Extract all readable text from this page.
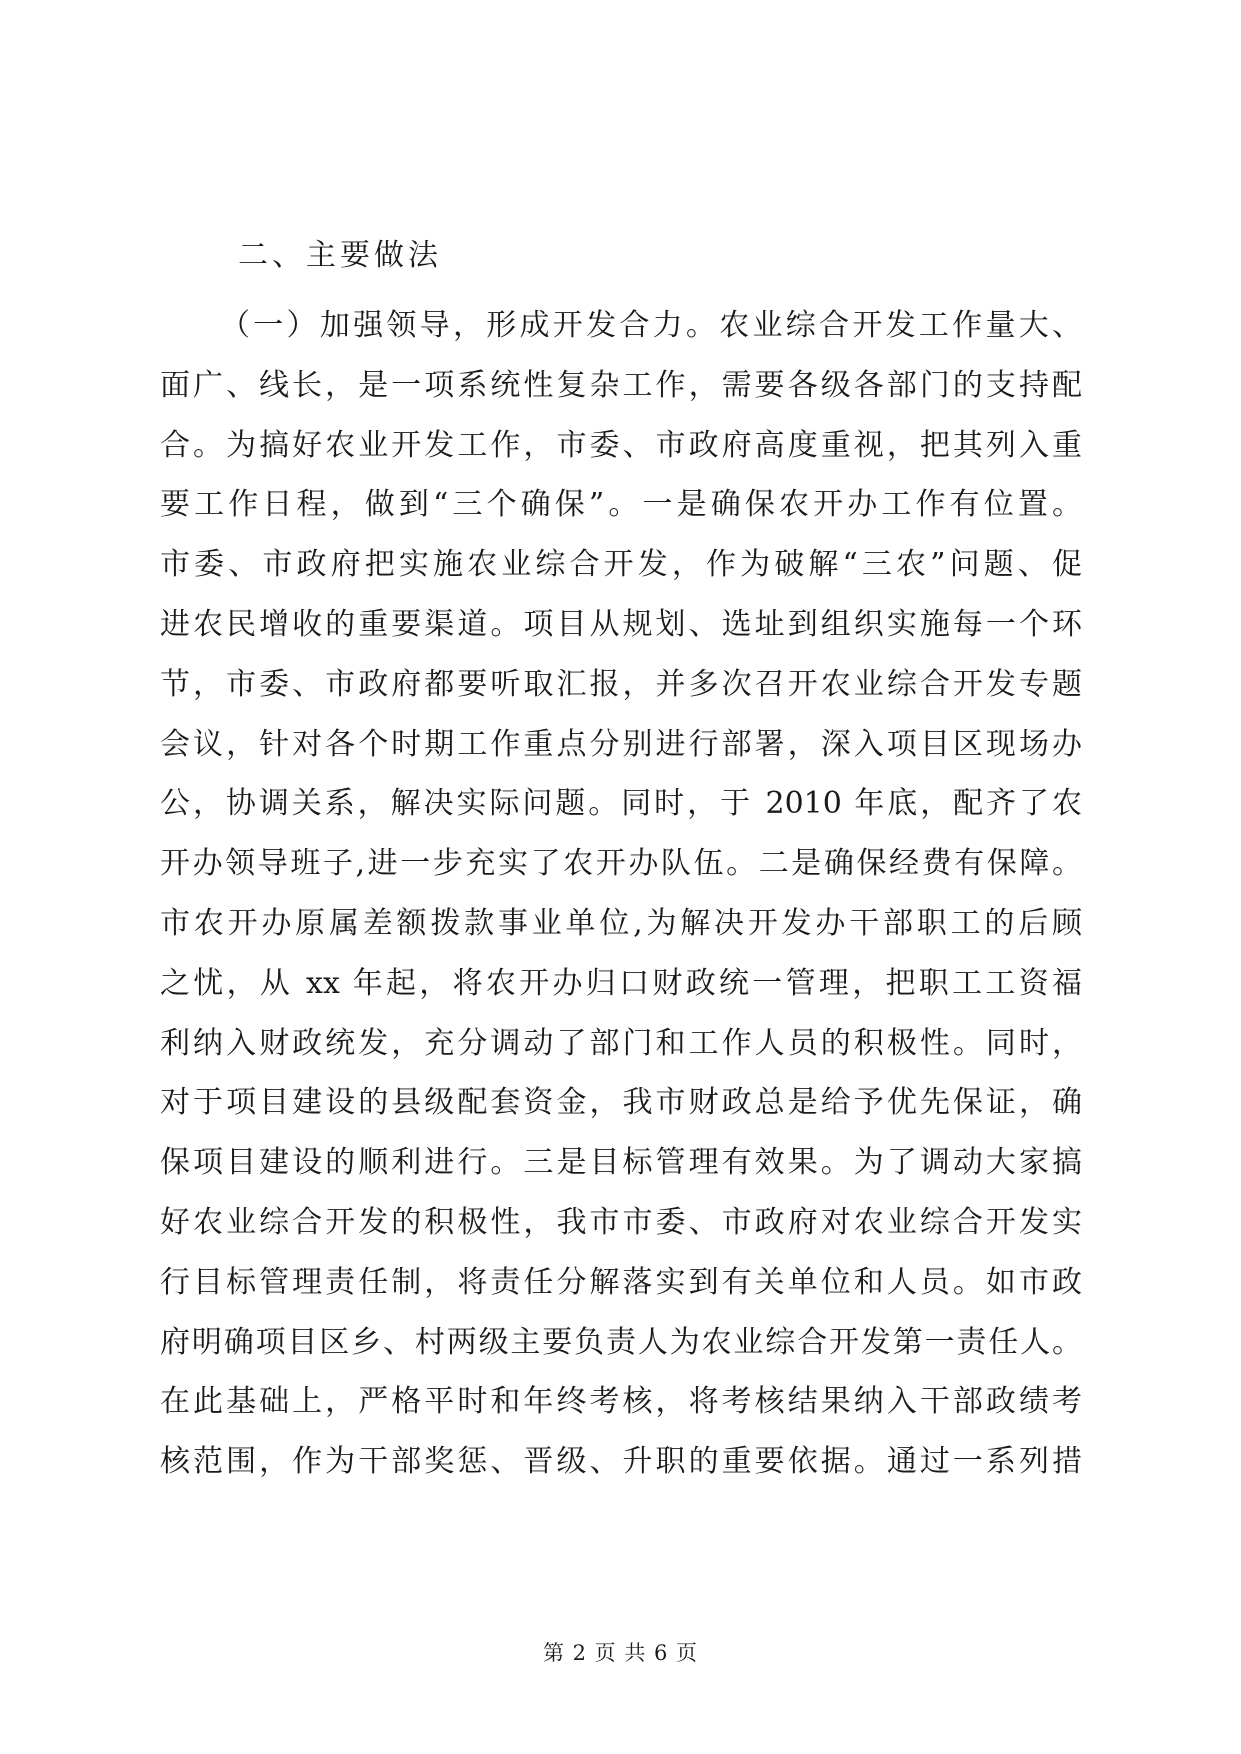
二、主要做法
（一）加强领导，形成开发合力。农业综合开发工作量大、
面广、线长，是一项系统性复杂工作，需要各级各部门的支持配
合。为搞好农业开发工作，市委、市政府高度重视，把其列入重
要工作日程，做到“三个确保”。一是确保农开办工作有位置。
市委、市政府把实施农业综合开发，作为破解“三农”问题、促
进农民增收的重要渠道。项目从规划、选址到组织实施每一个环
节，市委、市政府都要听取汇报，并多次召开农业综合开发专题
会议，针对各个时期工作重点分别进行部署，深入项目区现场办
公，协调关系，解决实际问题。同时，于 2010 年底，配齐了农
开办领导班子,进一步充实了农开办队伍。二是确保经费有保障。
市农开办原属差额拨款事业单位,为解决开发办干部职工的后顾
之忧，从 xx 年起，将农开办归口财政统一管理，把职工工资福
利纳入财政统发，充分调动了部门和工作人员的积极性。同时，
对于项目建设的县级配套资金，我市财政总是给予优先保证，确
保项目建设的顺利进行。三是目标管理有效果。为了调动大家搞
好农业综合开发的积极性，我市市委、市政府对农业综合开发实
行目标管理责任制，将责任分解落实到有关单位和人员。如市政
府明确项目区乡、村两级主要负责人为农业综合开发第一责任人。
在此基础上，严格平时和年终考核，将考核结果纳入干部政绩考
核范围，作为干部奖惩、晋级、升职的重要依据。通过一系列措
第 2 页 共 6 页
